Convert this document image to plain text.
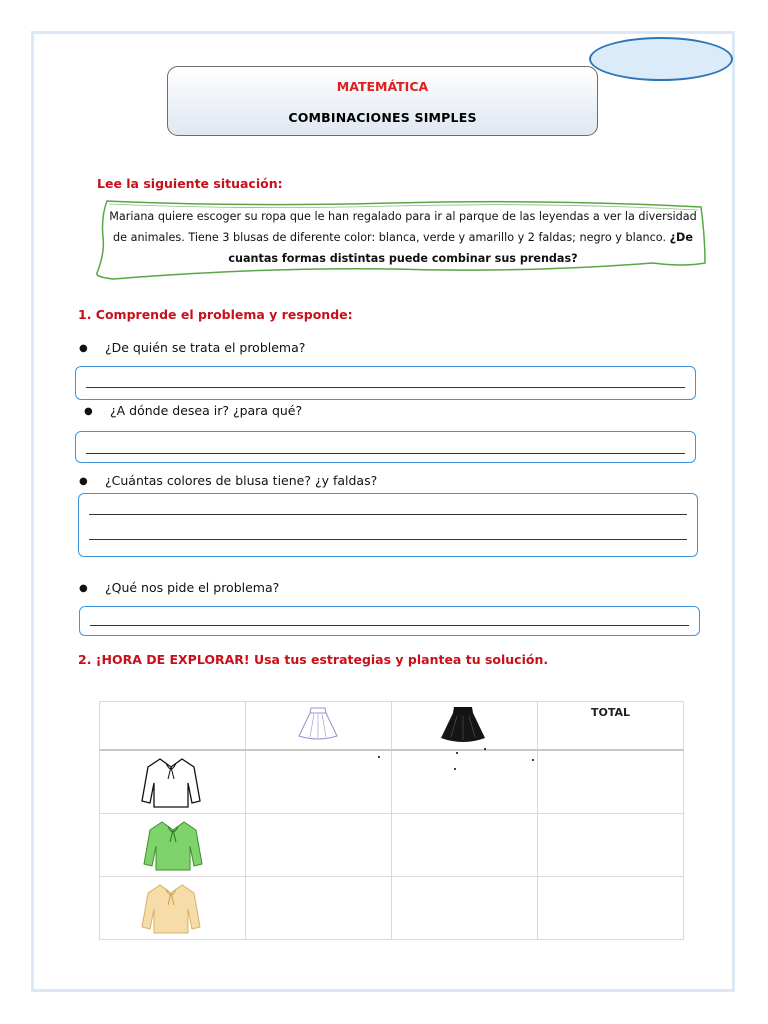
MATEMÁTICA
COMBINACIONES SIMPLES
Lee la siguiente situación:
Mariana quiere escoger su ropa que le han regalado para ir al parque de las leyendas a ver la diversidad de animales. Tiene 3 blusas de diferente color: blanca, verde y amarillo y 2 faldas; negro y blanco. ¿De cuantas formas distintas puede combinar sus prendas?
1. Comprende el problema y responde:
● ¿De quién se trata el problema?
● ¿A dónde desea ir? ¿para qué?
● ¿Cuántas colores de blusa tiene? ¿y faldas?
● ¿Qué nos pide el problema?
2. ¡HORA DE EXPLORAR! Usa tus estrategias y plantea tu solución.

TOTAL
